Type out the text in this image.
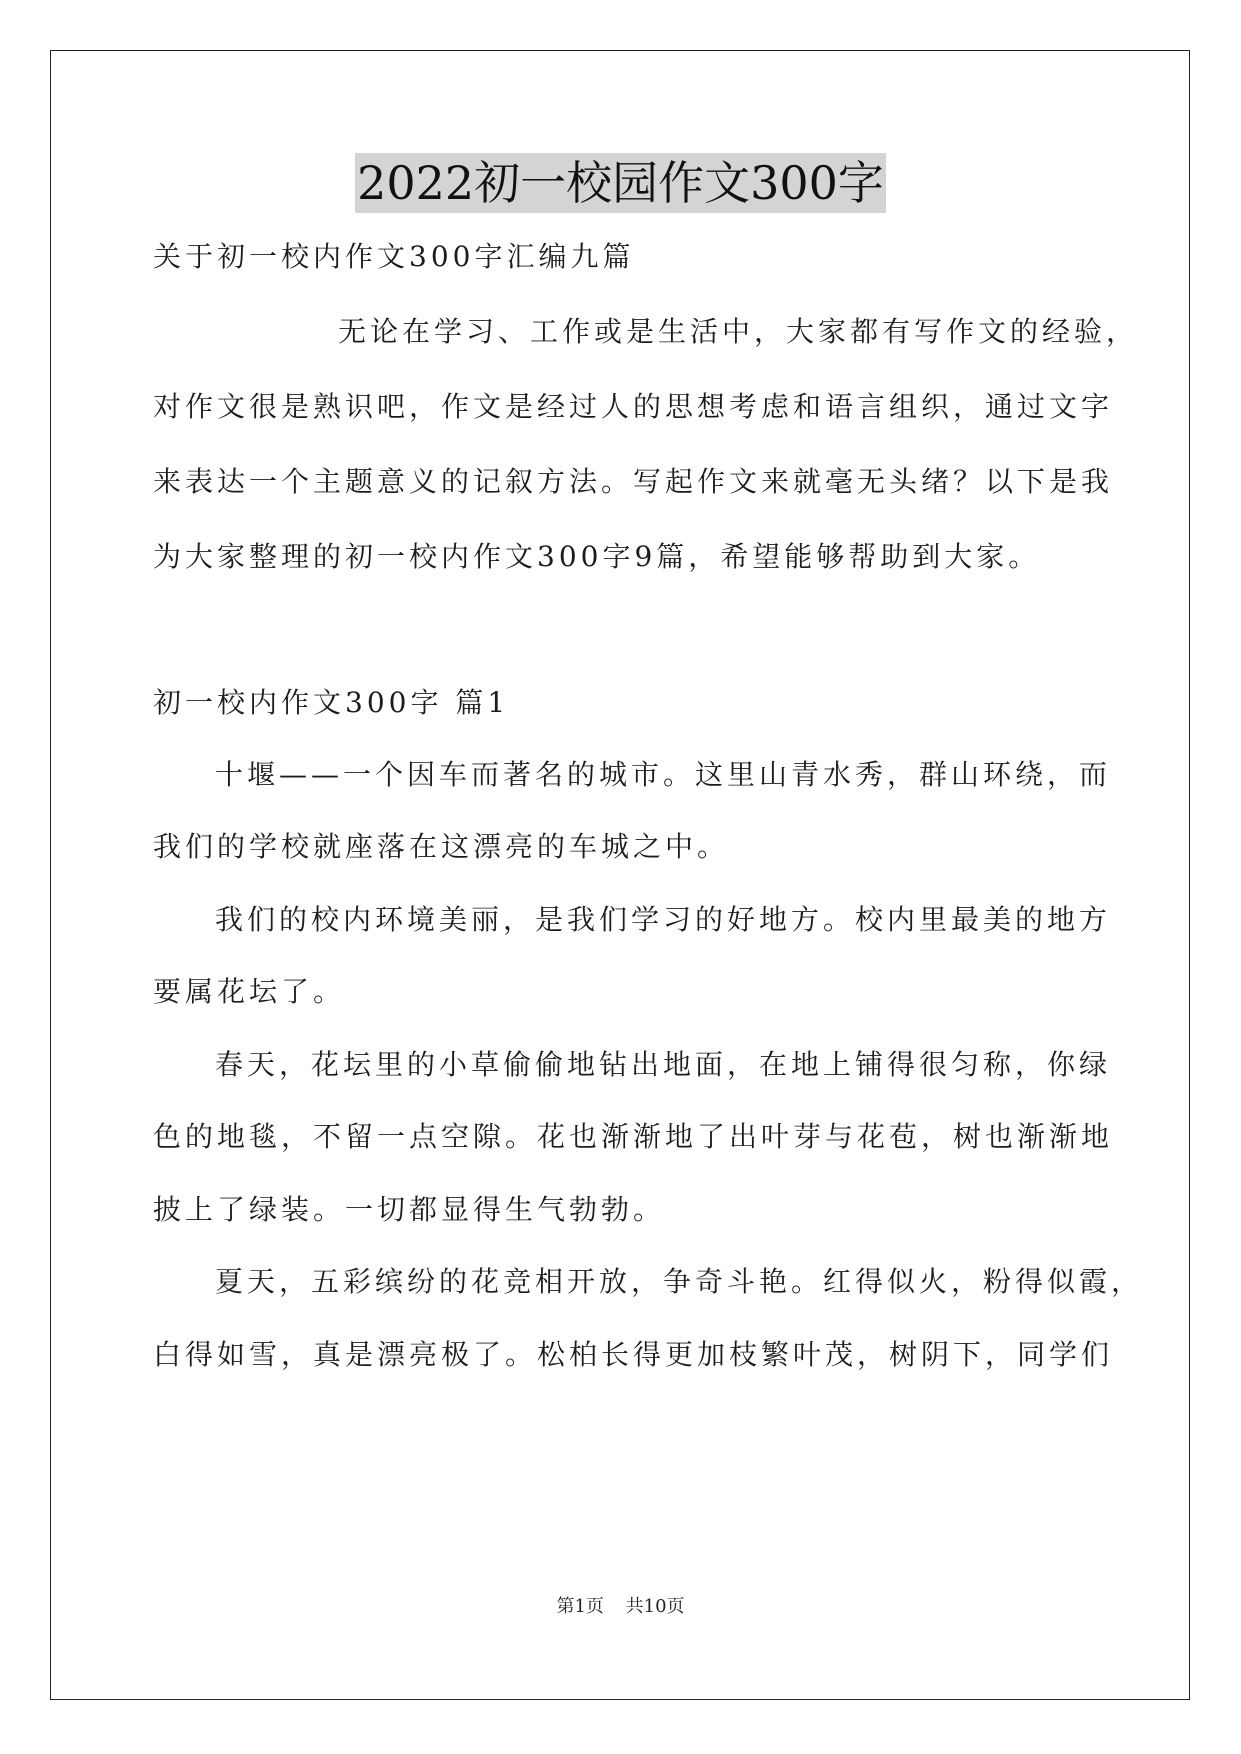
2022初一校园作文300字
关于初一校内作文300字汇编九篇
无论在学习、工作或是生活中，大家都有写作文的经验，
对作文很是熟识吧，作文是经过人的思想考虑和语言组织，通过文字
来表达一个主题意义的记叙方法。写起作文来就毫无头绪？以下是我
为大家整理的初一校内作文300字9篇，希望能够帮助到大家。
初一校内作文300字 篇1
十堰——一个因车而著名的城市。这里山青水秀，群山环绕，而
我们的学校就座落在这漂亮的车城之中。
我们的校内环境美丽，是我们学习的好地方。校内里最美的地方
要属花坛了。
春天，花坛里的小草偷偷地钻出地面，在地上铺得很匀称，你绿
色的地毯，不留一点空隙。花也渐渐地了出叶芽与花苞，树也渐渐地
披上了绿装。一切都显得生气勃勃。
夏天，五彩缤纷的花竞相开放，争奇斗艳。红得似火，粉得似霞，
白得如雪，真是漂亮极了。松柏长得更加枝繁叶茂，树阴下，同学们
第1页 共10页
